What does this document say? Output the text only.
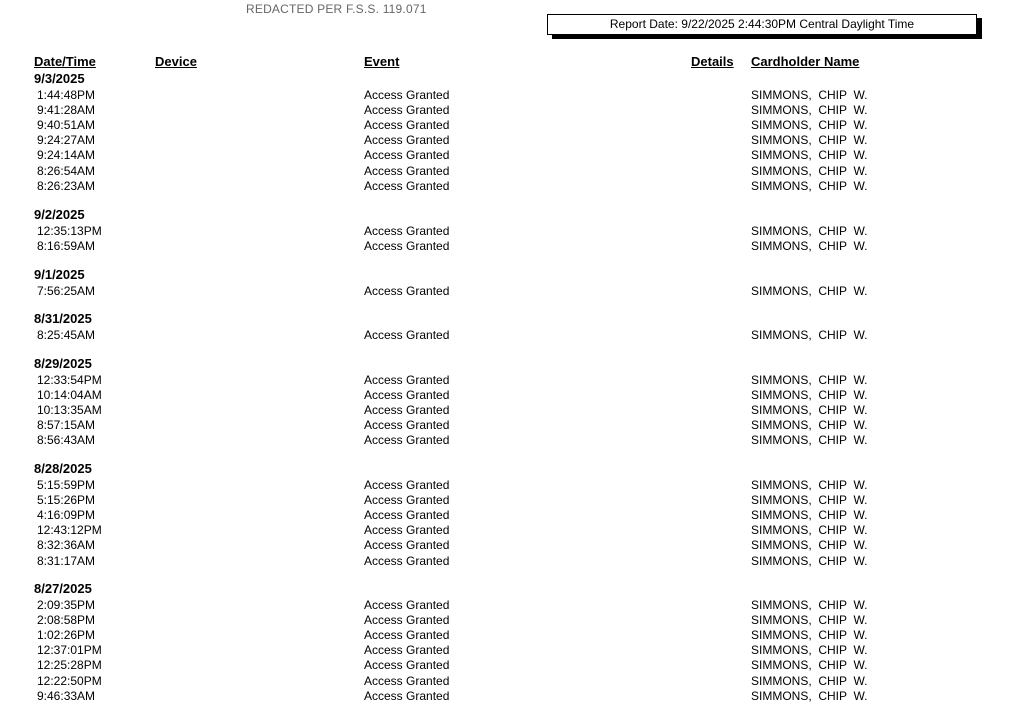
REDACTED PER F.S.S. 119.071
Report Date: 9/22/2025 2:44:30PM Central Daylight Time
Date/Time	Device	Event	Details Cardholder Name
9/3/2025
1:44:48PM	Access Granted	SIMMONS,  CHIP  W.
9:41:28AM	Access Granted	SIMMONS,  CHIP  W.
9:40:51AM	Access Granted	SIMMONS,  CHIP  W.
9:24:27AM	Access Granted	SIMMONS,  CHIP  W.
9:24:14AM	Access Granted	SIMMONS,  CHIP  W.
8:26:54AM	Access Granted	SIMMONS,  CHIP  W.
8:26:23AM	Access Granted	SIMMONS,  CHIP  W.
9/2/2025
12:35:13PM	Access Granted	SIMMONS,  CHIP  W.
8:16:59AM	Access Granted	SIMMONS,  CHIP  W.
9/1/2025
7:56:25AM	Access Granted	SIMMONS,  CHIP  W.
8/31/2025
8:25:45AM	Access Granted	SIMMONS,  CHIP  W.
8/29/2025
12:33:54PM	Access Granted	SIMMONS,  CHIP  W.
10:14:04AM	Access Granted	SIMMONS,  CHIP  W.
10:13:35AM	Access Granted	SIMMONS,  CHIP  W.
8:57:15AM	Access Granted	SIMMONS,  CHIP  W.
8:56:43AM	Access Granted	SIMMONS,  CHIP  W.
8/28/2025
5:15:59PM	Access Granted	SIMMONS,  CHIP  W.
5:15:26PM	Access Granted	SIMMONS,  CHIP  W.
4:16:09PM	Access Granted	SIMMONS,  CHIP  W.
12:43:12PM	Access Granted	SIMMONS,  CHIP  W.
8:32:36AM	Access Granted	SIMMONS,  CHIP  W.
8:31:17AM	Access Granted	SIMMONS,  CHIP  W.
8/27/2025
2:09:35PM	Access Granted	SIMMONS,  CHIP  W.
2:08:58PM	Access Granted	SIMMONS,  CHIP  W.
1:02:26PM	Access Granted	SIMMONS,  CHIP  W.
12:37:01PM	Access Granted	SIMMONS,  CHIP  W.
12:25:28PM	Access Granted	SIMMONS,  CHIP  W.
12:22:50PM	Access Granted	SIMMONS,  CHIP  W.
9:46:33AM	Access Granted	SIMMONS,  CHIP  W.
